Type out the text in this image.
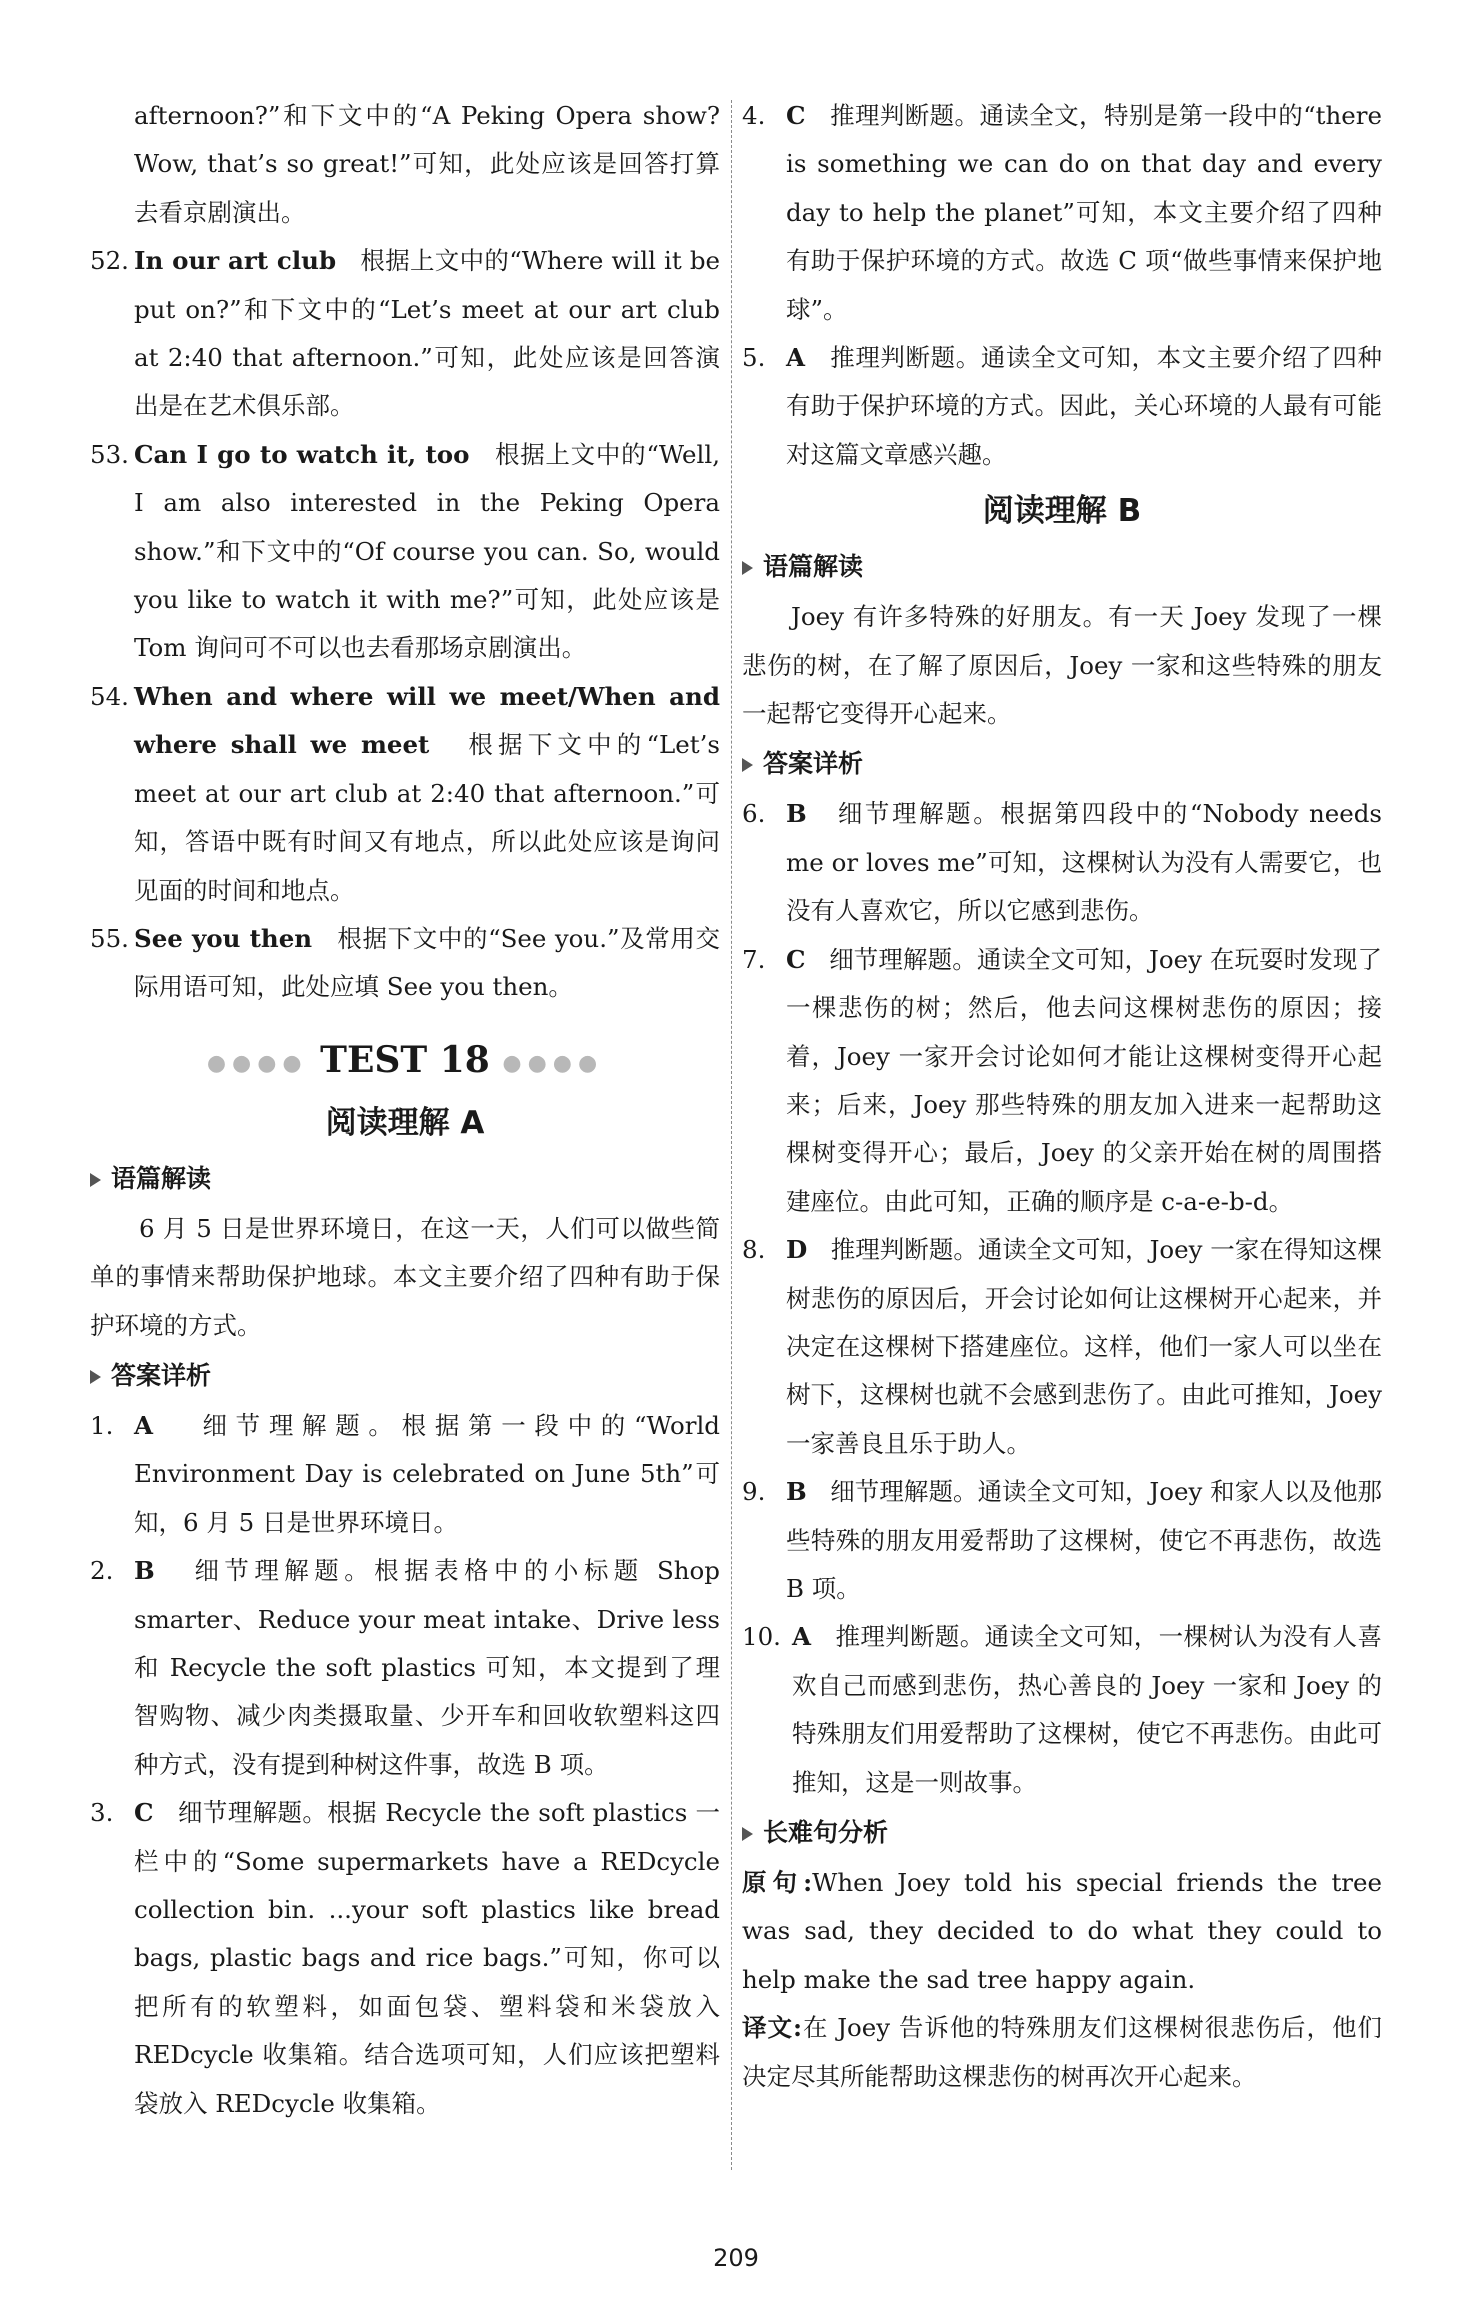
afternoon?”和下文中的“A Peking Opera show? Wow, that’s so great!”可知，此处应该是回答打算去看京剧演出。

52. In our art club 根据上文中的“Where will it be put on?”和下文中的“Let’s meet at our art club at 2:40 that afternoon.”可知，此处应该是回答演出是在艺术俱乐部。
53. Can I go to watch it, too 根据上文中的“Well, I am also interested in the Peking Opera show.”和下文中的“Of course you can. So, would you like to watch it with me?”可知，此处应该是 Tom 询问可不可以也去看那场京剧演出。
54. When and where will we meet/When and where shall we meet 根据下文中的“Let’s meet at our art club at 2:40 that afternoon.”可知，答语中既有时间又有地点，所以此处应该是询问见面的时间和地点。
55. See you then 根据下文中的“See you.”及常用交际用语可知，此处应填 See you then。
●●●● TEST 18 ●●●●
阅读理解 A
语篇解读

6 月 5 日是世界环境日，在这一天，人们可以做些简单的事情来帮助保护地球。本文主要介绍了四种有助于保护环境的方式。

答案详析
1. A 细节理解题。根据第一段中的“World Environment Day is celebrated on June 5th”可知，6 月 5 日是世界环境日。
2. B 细节理解题。根据表格中的小标题 Shop smarter、Reduce your meat intake、Drive less 和 Recycle the soft plastics 可知，本文提到了理智购物、减少肉类摄取量、少开车和回收软塑料这四种方式，没有提到种树这件事，故选 B 项。
3. C 细节理解题。根据 Recycle the soft plastics 一栏中的“Some supermarkets have a REDcycle collection bin. ...your soft plastics like bread bags, plastic bags and rice bags.”可知，你可以把所有的软塑料，如面包袋、塑料袋和米袋放入 REDcycle 收集箱。结合选项可知，人们应该把塑料袋放入 REDcycle 收集箱。
4. C 推理判断题。通读全文，特别是第一段中的“there is something we can do on that day and every day to help the planet”可知，本文主要介绍了四种有助于保护环境的方式。故选 C 项“做些事情来保护地球”。
5. A 推理判断题。通读全文可知，本文主要介绍了四种有助于保护环境的方式。因此，关心环境的人最有可能对这篇文章感兴趣。
阅读理解 B
语篇解读

Joey 有许多特殊的好朋友。有一天 Joey 发现了一棵悲伤的树，在了解了原因后，Joey 一家和这些特殊的朋友一起帮它变得开心起来。

答案详析
6. B 细节理解题。根据第四段中的“Nobody needs me or loves me”可知，这棵树认为没有人需要它，也没有人喜欢它，所以它感到悲伤。
7. C 细节理解题。通读全文可知，Joey 在玩耍时发现了一棵悲伤的树；然后，他去问这棵树悲伤的原因；接着，Joey 一家开会讨论如何才能让这棵树变得开心起来；后来，Joey 那些特殊的朋友加入进来一起帮助这棵树变得开心；最后，Joey 的父亲开始在树的周围搭建座位。由此可知，正确的顺序是 c-a-e-b-d。
8. D 推理判断题。通读全文可知，Joey 一家在得知这棵树悲伤的原因后，开会讨论如何让这棵树开心起来，并决定在这棵树下搭建座位。这样，他们一家人可以坐在树下，这棵树也就不会感到悲伤了。由此可推知，Joey 一家善良且乐于助人。
9. B 细节理解题。通读全文可知，Joey 和家人以及他那些特殊的朋友用爱帮助了这棵树，使它不再悲伤，故选 B 项。
10. A 推理判断题。通读全文可知，一棵树认为没有人喜欢自己而感到悲伤，热心善良的 Joey 一家和 Joey 的特殊朋友们用爱帮助了这棵树，使它不再悲伤。由此可推知，这是一则故事。
长难句分析

原句:When Joey told his special friends the tree was sad, they decided to do what they could to help make the sad tree happy again.

译文:在 Joey 告诉他的特殊朋友们这棵树很悲伤后，他们决定尽其所能帮助这棵悲伤的树再次开心起来。

209
